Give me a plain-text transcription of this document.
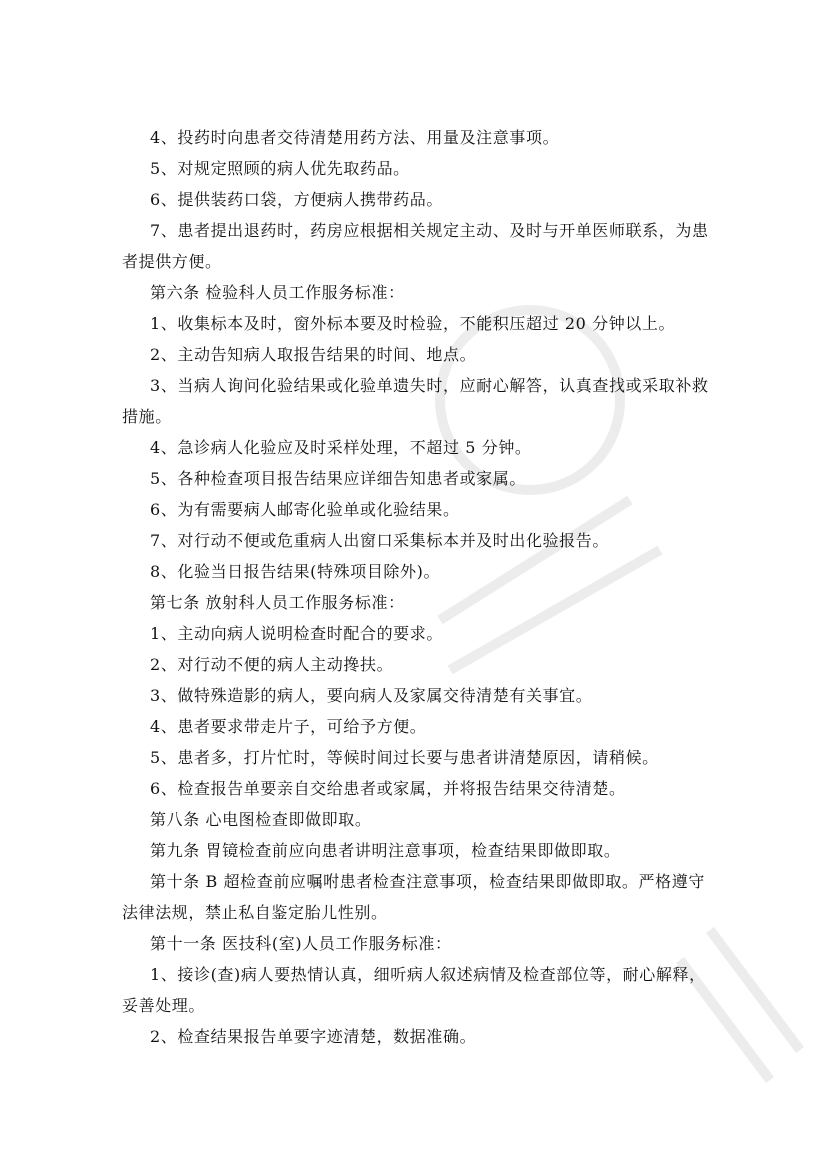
4、投药时向患者交待清楚用药方法、用量及注意事项。
5、对规定照顾的病人优先取药品。
6、提供装药口袋，方便病人携带药品。
7、患者提出退药时，药房应根据相关规定主动、及时与开单医师联系，为患
者提供方便。
第六条 检验科人员工作服务标准：
1、收集标本及时，窗外标本要及时检验，不能积压超过 20 分钟以上。
2、主动告知病人取报告结果的时间、地点。
3、当病人询问化验结果或化验单遗失时，应耐心解答，认真查找或采取补救
措施。
4、急诊病人化验应及时采样处理，不超过 5 分钟。
5、各种检查项目报告结果应详细告知患者或家属。
6、为有需要病人邮寄化验单或化验结果。
7、对行动不便或危重病人出窗口采集标本并及时出化验报告。
8、化验当日报告结果(特殊项目除外)。
第七条 放射科人员工作服务标准：
1、主动向病人说明检查时配合的要求。
2、对行动不便的病人主动搀扶。
3、做特殊造影的病人，要向病人及家属交待清楚有关事宜。
4、患者要求带走片子，可给予方便。
5、患者多，打片忙时，等候时间过长要与患者讲清楚原因，请稍候。
6、检查报告单要亲自交给患者或家属，并将报告结果交待清楚。
第八条 心电图检查即做即取。
第九条 胃镜检查前应向患者讲明注意事项，检查结果即做即取。
第十条 B 超检查前应嘱咐患者检查注意事项，检查结果即做即取。严格遵守
法律法规，禁止私自鉴定胎儿性别。
第十一条 医技科(室)人员工作服务标准：
1、接诊(查)病人要热情认真，细听病人叙述病情及检查部位等，耐心解释，
妥善处理。
2、检查结果报告单要字迹清楚，数据准确。
